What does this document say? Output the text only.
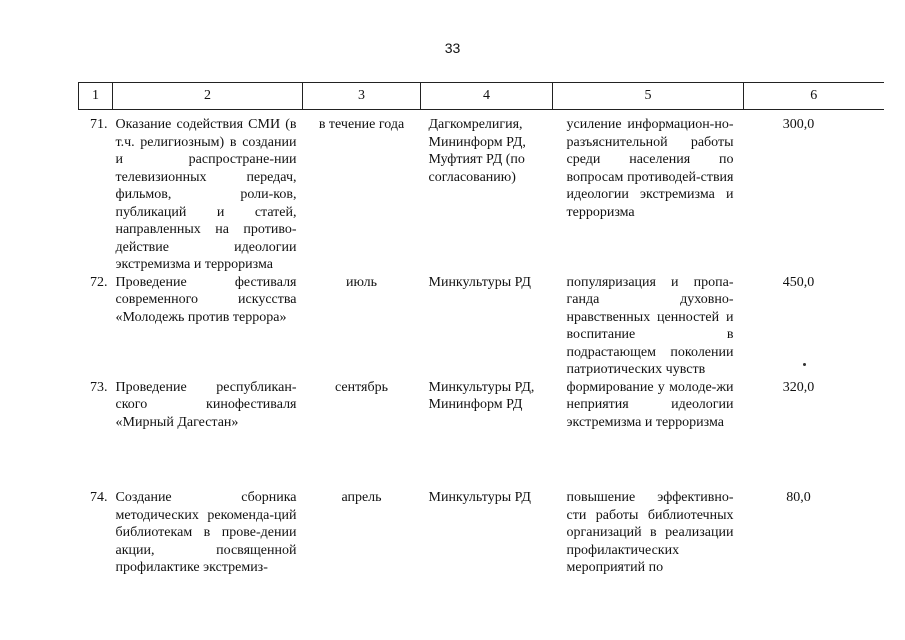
33
1	2	3	4	5	6
71.	Оказание содействия СМИ (в т.ч. религиозным) в создании и распростране-нии телевизионных передач, фильмов, роли-ков, публикаций и статей, направленных на противо-действие идеологии экстремизма и терроризма	в течение года	Дагкомрелигия, Мининформ РД, Муфтият РД (по согласованию)	усиление информацион-но-разъяснительной работы среди населения по вопросам противодей-ствия идеологии экстремизма и терроризма	300,0

72.	Проведение фестиваля современного искусства «Молодежь против террора»	июль	Минкультуры РД	популяризация и пропа-ганда духовно-нравственных ценностей и воспитание в подрастающем поколении патриотических чувств	450,0

73.	Проведение республикан-ского кинофестиваля «Мирный Дагестан»	сентябрь	Минкультуры РД, Мининформ РД	формирование у молоде-жи неприятия идеологии экстремизма и терроризма	320,0

74.	Создание сборника методических рекоменда-ций библиотекам в прове-дении акции, посвященной профилактике экстремиз-	апрель	Минкультуры РД	повышение эффективно-сти работы библиотечных организаций в реализации профилактических мероприятий по	80,0
